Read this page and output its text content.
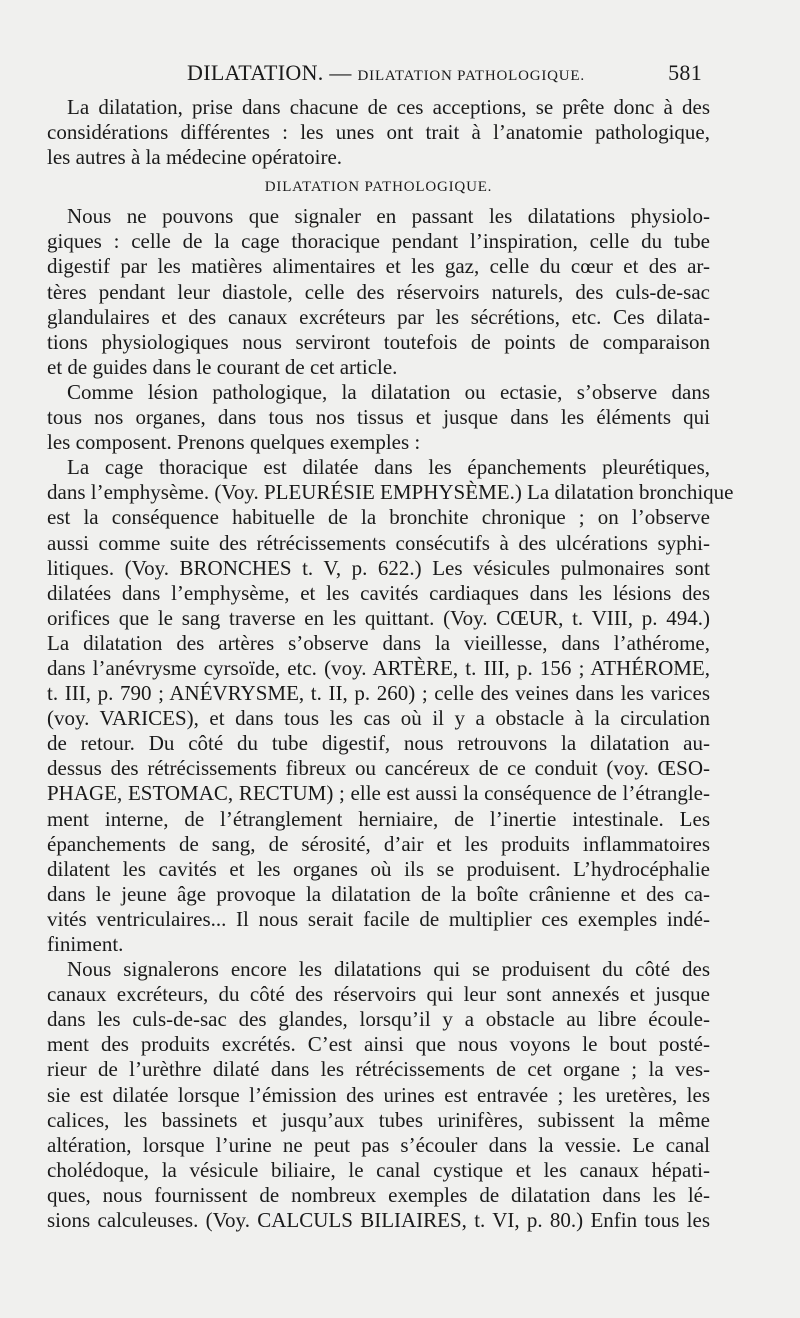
DILATATION. — DILATATION PATHOLOGIQUE.	581
La dilatation, prise dans chacune de ces acceptions, se prête donc à des
considérations différentes : les unes ont trait à l’anatomie pathologique,
les autres à la médecine opératoire.
DILATATION PATHOLOGIQUE.
Nous ne pouvons que signaler en passant les dilatations physiolo-
giques : celle de la cage thoracique pendant l’inspiration, celle du tube
digestif par les matières alimentaires et les gaz, celle du cœur et des ar-
tères pendant leur diastole, celle des réservoirs naturels, des culs-de-sac
glandulaires et des canaux excréteurs par les sécrétions, etc. Ces dilata-
tions physiologiques nous serviront toutefois de points de comparaison
et de guides dans le courant de cet article.
Comme lésion pathologique, la dilatation ou ectasie, s’observe dans
tous nos organes, dans tous nos tissus et jusque dans les éléments qui
les composent. Prenons quelques exemples :
La cage thoracique est dilatée dans les épanchements pleurétiques,
dans l’emphysème. (Voy. PLEURÉSIE EMPHYSÈME.) La dilatation bronchique
est la conséquence habituelle de la bronchite chronique ; on l’observe
aussi comme suite des rétrécissements consécutifs à des ulcérations syphi-
litiques. (Voy. BRONCHES t. V, p. 622.) Les vésicules pulmonaires sont
dilatées dans l’emphysème, et les cavités cardiaques dans les lésions des
orifices que le sang traverse en les quittant. (Voy. CŒUR, t. VIII, p. 494.)
La dilatation des artères s’observe dans la vieillesse, dans l’athérome,
dans l’anévrysme cyrsoïde, etc. (voy. ARTÈRE, t. III, p. 156 ; ATHÉROME,
t. III, p. 790 ; ANÉVRYSME, t. II, p. 260) ; celle des veines dans les varices
(voy. VARICES), et dans tous les cas où il y a obstacle à la circulation
de retour. Du côté du tube digestif, nous retrouvons la dilatation au-
dessus des rétrécissements fibreux ou cancéreux de ce conduit (voy. ŒSO-
PHAGE, ESTOMAC, RECTUM) ; elle est aussi la conséquence de l’étrangle-
ment interne, de l’étranglement herniaire, de l’inertie intestinale. Les
épanchements de sang, de sérosité, d’air et les produits inflammatoires
dilatent les cavités et les organes où ils se produisent. L’hydrocéphalie
dans le jeune âge provoque la dilatation de la boîte crânienne et des ca-
vités ventriculaires... Il nous serait facile de multiplier ces exemples indé-
finiment.
Nous signalerons encore les dilatations qui se produisent du côté des
canaux excréteurs, du côté des réservoirs qui leur sont annexés et jusque
dans les culs-de-sac des glandes, lorsqu’il y a obstacle au libre écoule-
ment des produits excrétés. C’est ainsi que nous voyons le bout posté-
rieur de l’urèthre dilaté dans les rétrécissements de cet organe ; la ves-
sie est dilatée lorsque l’émission des urines est entravée ; les uretères, les
calices, les bassinets et jusqu’aux tubes urinifères, subissent la même
altération, lorsque l’urine ne peut pas s’écouler dans la vessie. Le canal
cholédoque, la vésicule biliaire, le canal cystique et les canaux hépati-
ques, nous fournissent de nombreux exemples de dilatation dans les lé-
sions calculeuses. (Voy. CALCULS BILIAIRES, t. VI, p. 80.) Enfin tous les
